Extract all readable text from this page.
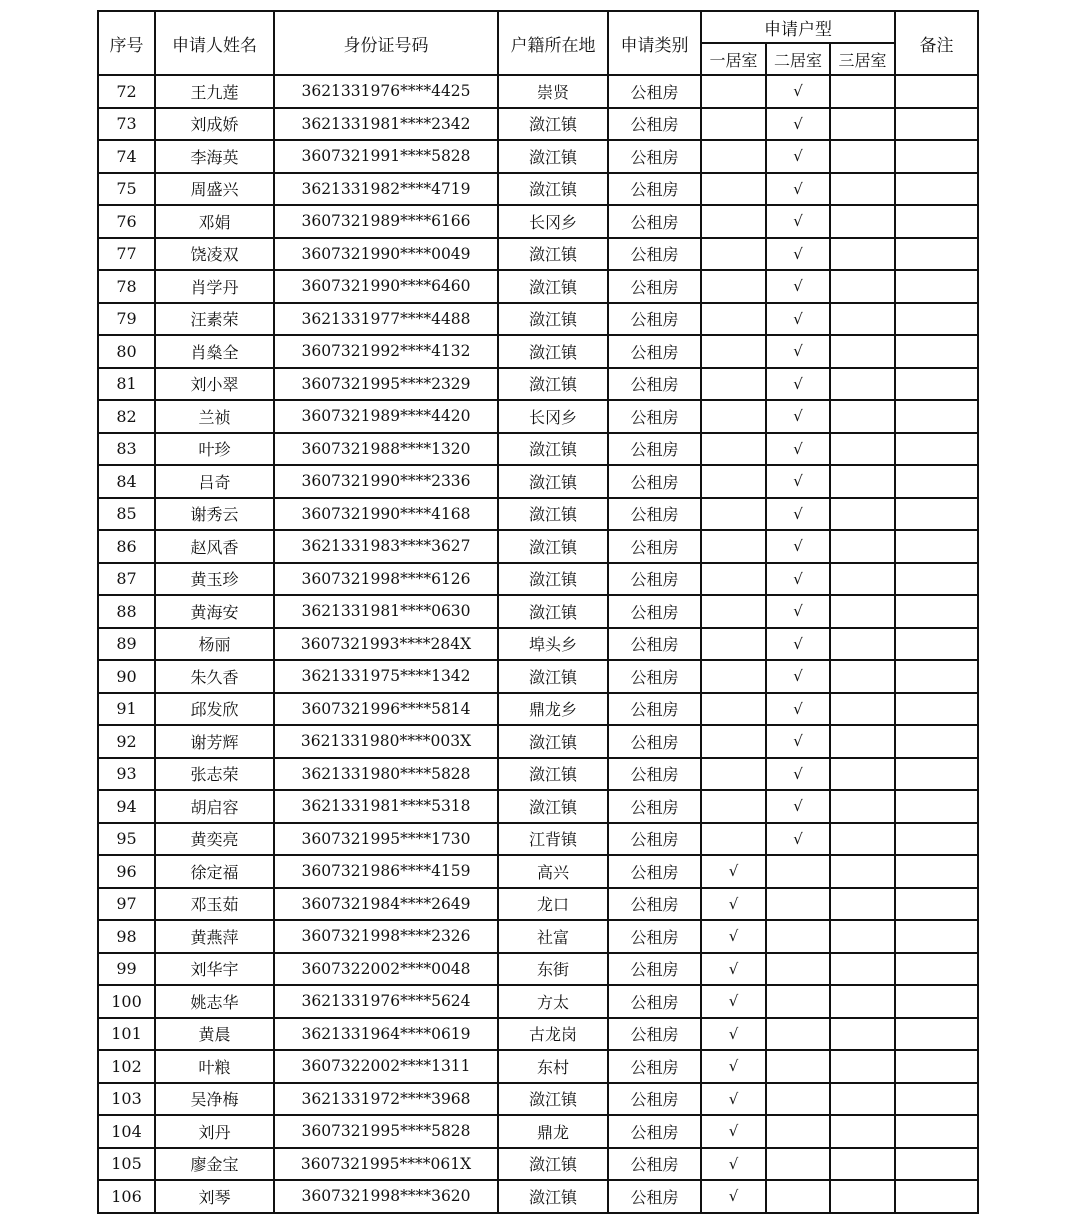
序号	申请人姓名	身份证号码	户籍所在地	申请类别	申请户型			备注
					一居室	二居室	三居室	
72	王九莲	3621331976****4425	崇贤	公租房		√		
73	刘成娇	3621331981****2342	潋江镇	公租房		√		
74	李海英	3607321991****5828	潋江镇	公租房		√		
75	周盛兴	3621331982****4719	潋江镇	公租房		√		
76	邓娟	3607321989****6166	长冈乡	公租房		√		
77	饶凌双	3607321990****0049	潋江镇	公租房		√		
78	肖学丹	3607321990****6460	潋江镇	公租房		√		
79	汪素荣	3621331977****4488	潋江镇	公租房		√		
80	肖燊全	3607321992****4132	潋江镇	公租房		√		
81	刘小翠	3607321995****2329	潋江镇	公租房		√		
82	兰祯	3607321989****4420	长冈乡	公租房		√		
83	叶珍	3607321988****1320	潋江镇	公租房		√		
84	吕奇	3607321990****2336	潋江镇	公租房		√		
85	谢秀云	3607321990****4168	潋江镇	公租房		√		
86	赵风香	3621331983****3627	潋江镇	公租房		√		
87	黄玉珍	3607321998****6126	潋江镇	公租房		√		
88	黄海安	3621331981****0630	潋江镇	公租房		√		
89	杨丽	3607321993****284X	埠头乡	公租房		√		
90	朱久香	3621331975****1342	潋江镇	公租房		√		
91	邱发欣	3607321996****5814	鼎龙乡	公租房		√		
92	谢芳辉	3621331980****003X	潋江镇	公租房		√		
93	张志荣	3621331980****5828	潋江镇	公租房		√		
94	胡启容	3621331981****5318	潋江镇	公租房		√		
95	黄奕亮	3607321995****1730	江背镇	公租房		√		
96	徐定福	3607321986****4159	高兴	公租房	√			
97	邓玉茹	3607321984****2649	龙口	公租房	√			
98	黄燕萍	3607321998****2326	社富	公租房	√			
99	刘华宇	3607322002****0048	东街	公租房	√			
100	姚志华	3621331976****5624	方太	公租房	√			
101	黄晨	3621331964****0619	古龙岗	公租房	√			
102	叶粮	3607322002****1311	东村	公租房	√			
103	吴净梅	3621331972****3968	潋江镇	公租房	√			
104	刘丹	3607321995****5828	鼎龙	公租房	√			
105	廖金宝	3607321995****061X	潋江镇	公租房	√			
106	刘琴	3607321998****3620	潋江镇	公租房	√			
